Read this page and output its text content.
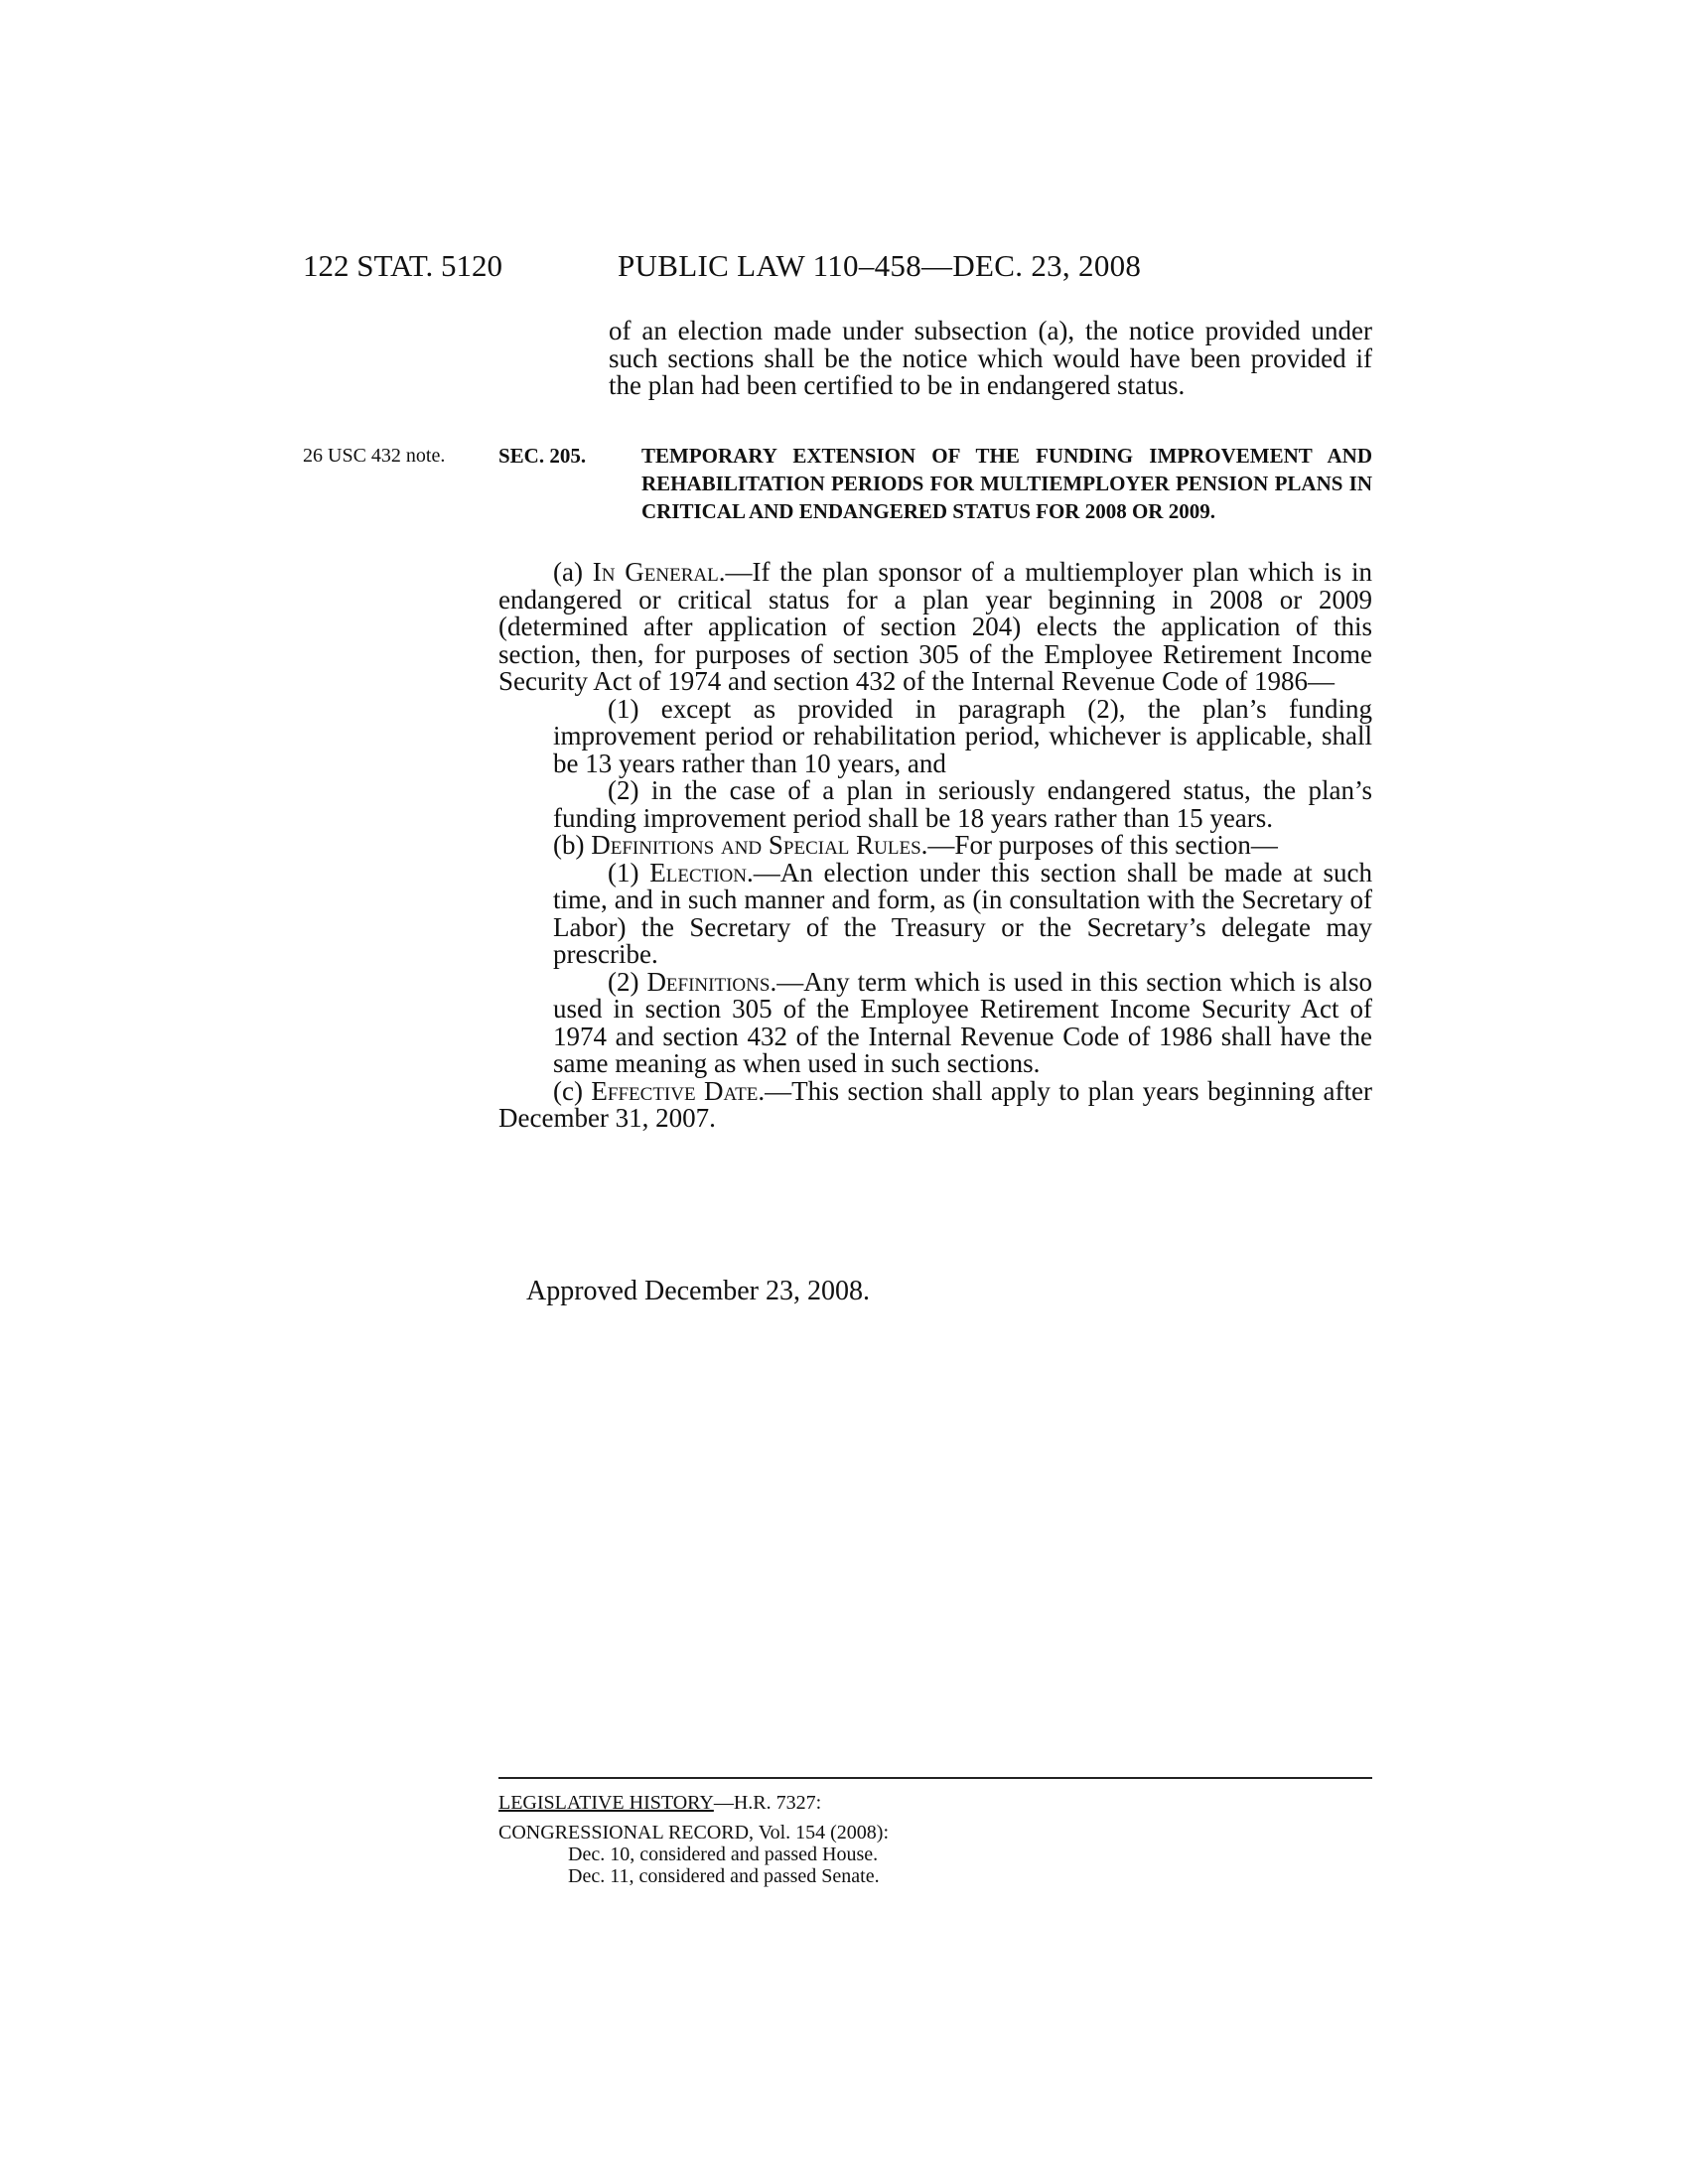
122 STAT. 5120	PUBLIC LAW 110–458—DEC. 23, 2008
of an election made under subsection (a), the notice provided under such sections shall be the notice which would have been provided if the plan had been certified to be in endangered status.
26 USC 432 note.	SEC. 205.	TEMPORARY EXTENSION OF THE FUNDING IMPROVEMENT AND REHABILITATION PERIODS FOR MULTIEMPLOYER PENSION PLANS IN CRITICAL AND ENDANGERED STATUS FOR 2008 OR 2009.

(a) In General.—If the plan sponsor of a multiemployer plan which is in endangered or critical status for a plan year beginning in 2008 or 2009 (determined after application of section 204) elects the application of this section, then, for purposes of section 305 of the Employee Retirement Income Security Act of 1974 and section 432 of the Internal Revenue Code of 1986—

(1) except as provided in paragraph (2), the plan’s funding improvement period or rehabilitation period, whichever is applicable, shall be 13 years rather than 10 years, and

(2) in the case of a plan in seriously endangered status, the plan’s funding improvement period shall be 18 years rather than 15 years.

(b) Definitions and Special Rules.—For purposes of this section—

(1) Election.—An election under this section shall be made at such time, and in such manner and form, as (in consultation with the Secretary of Labor) the Secretary of the Treasury or the Secretary’s delegate may prescribe.

(2) Definitions.—Any term which is used in this section which is also used in section 305 of the Employee Retirement Income Security Act of 1974 and section 432 of the Internal Revenue Code of 1986 shall have the same meaning as when used in such sections.

(c) Effective Date.—This section shall apply to plan years beginning after December 31, 2007.

Approved December 23, 2008.
LEGISLATIVE HISTORY—H.R. 7327:
CONGRESSIONAL RECORD, Vol. 154 (2008):
Dec. 10, considered and passed House.
Dec. 11, considered and passed Senate.
